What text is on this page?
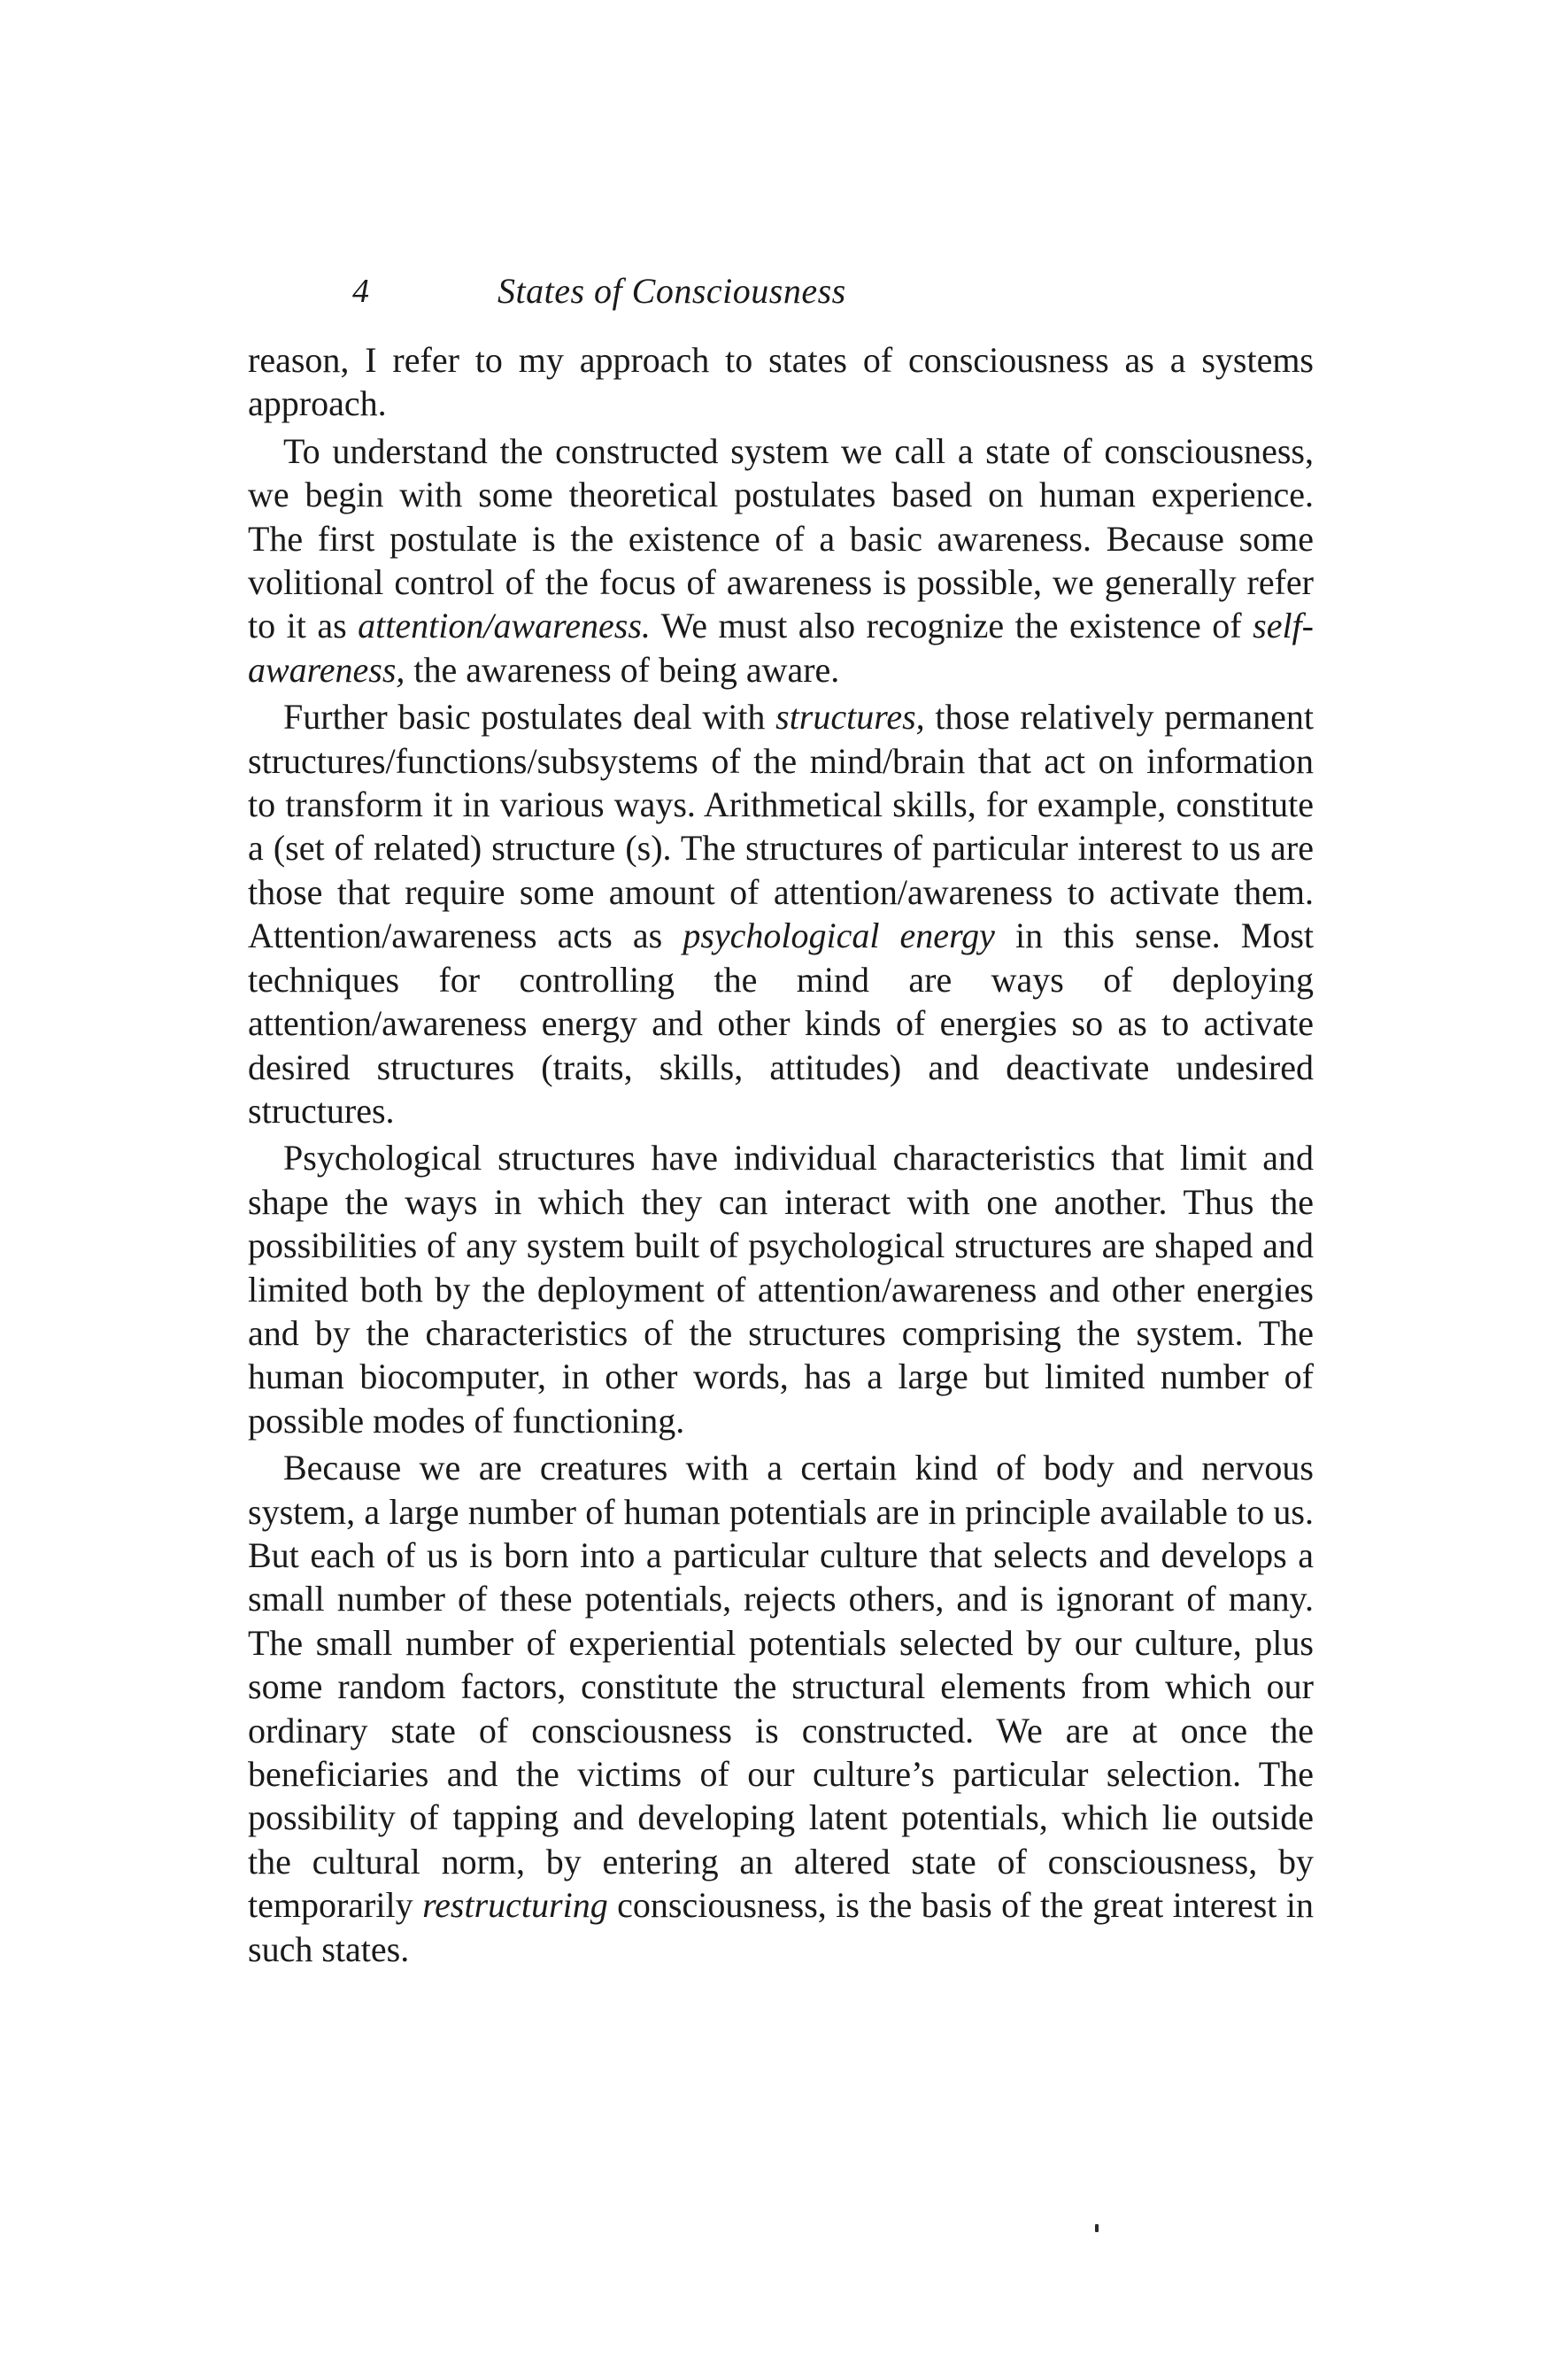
4	States of Consciousness

reason, I refer to my approach to states of consciousness as a systems approach.

To understand the constructed system we call a state of consciousness, we begin with some theoretical postulates based on human experience. The first postulate is the existence of a basic awareness. Because some volitional control of the focus of awareness is possible, we generally refer to it as attention/awareness. We must also recognize the existence of self-awareness, the awareness of being aware.

Further basic postulates deal with structures, those relatively permanent structures/functions/subsystems of the mind/brain that act on information to transform it in various ways. Arithmetical skills, for example, constitute a (set of related) structure (s). The structures of particular interest to us are those that require some amount of attention/awareness to activate them. Attention/awareness acts as psychological energy in this sense. Most techniques for controlling the mind are ways of deploying attention/awareness energy and other kinds of energies so as to activate desired structures (traits, skills, attitudes) and deactivate undesired structures.

Psychological structures have individual characteristics that limit and shape the ways in which they can interact with one another. Thus the possibilities of any system built of psychological structures are shaped and limited both by the deployment of attention/awareness and other energies and by the characteristics of the structures comprising the system. The human biocomputer, in other words, has a large but limited number of possible modes of functioning.

Because we are creatures with a certain kind of body and nervous system, a large number of human potentials are in principle available to us. But each of us is born into a particular culture that selects and develops a small number of these potentials, rejects others, and is ignorant of many. The small number of experiential potentials selected by our culture, plus some random factors, constitute the structural elements from which our ordinary state of consciousness is constructed. We are at once the beneficiaries and the victims of our culture’s particular selection. The possibility of tapping and developing latent potentials, which lie outside the cultural norm, by entering an altered state of consciousness, by temporarily restructuring consciousness, is the basis of the great interest in such states.
